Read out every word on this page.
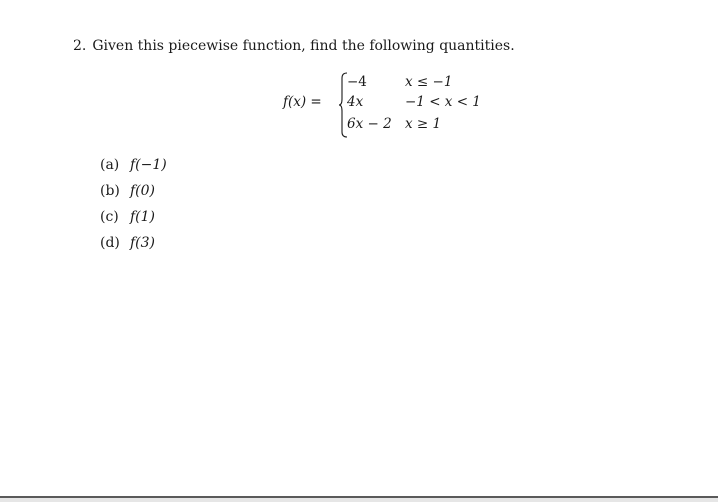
2. Given this piecewise function, find the following quantities.
f(x) =
−4	x ≤ −1
4x	−1 < x < 1
6x − 2 x ≥ 1
(a) f(−1)
(b) f(0)
(c) f(1)
(d) f(3)
